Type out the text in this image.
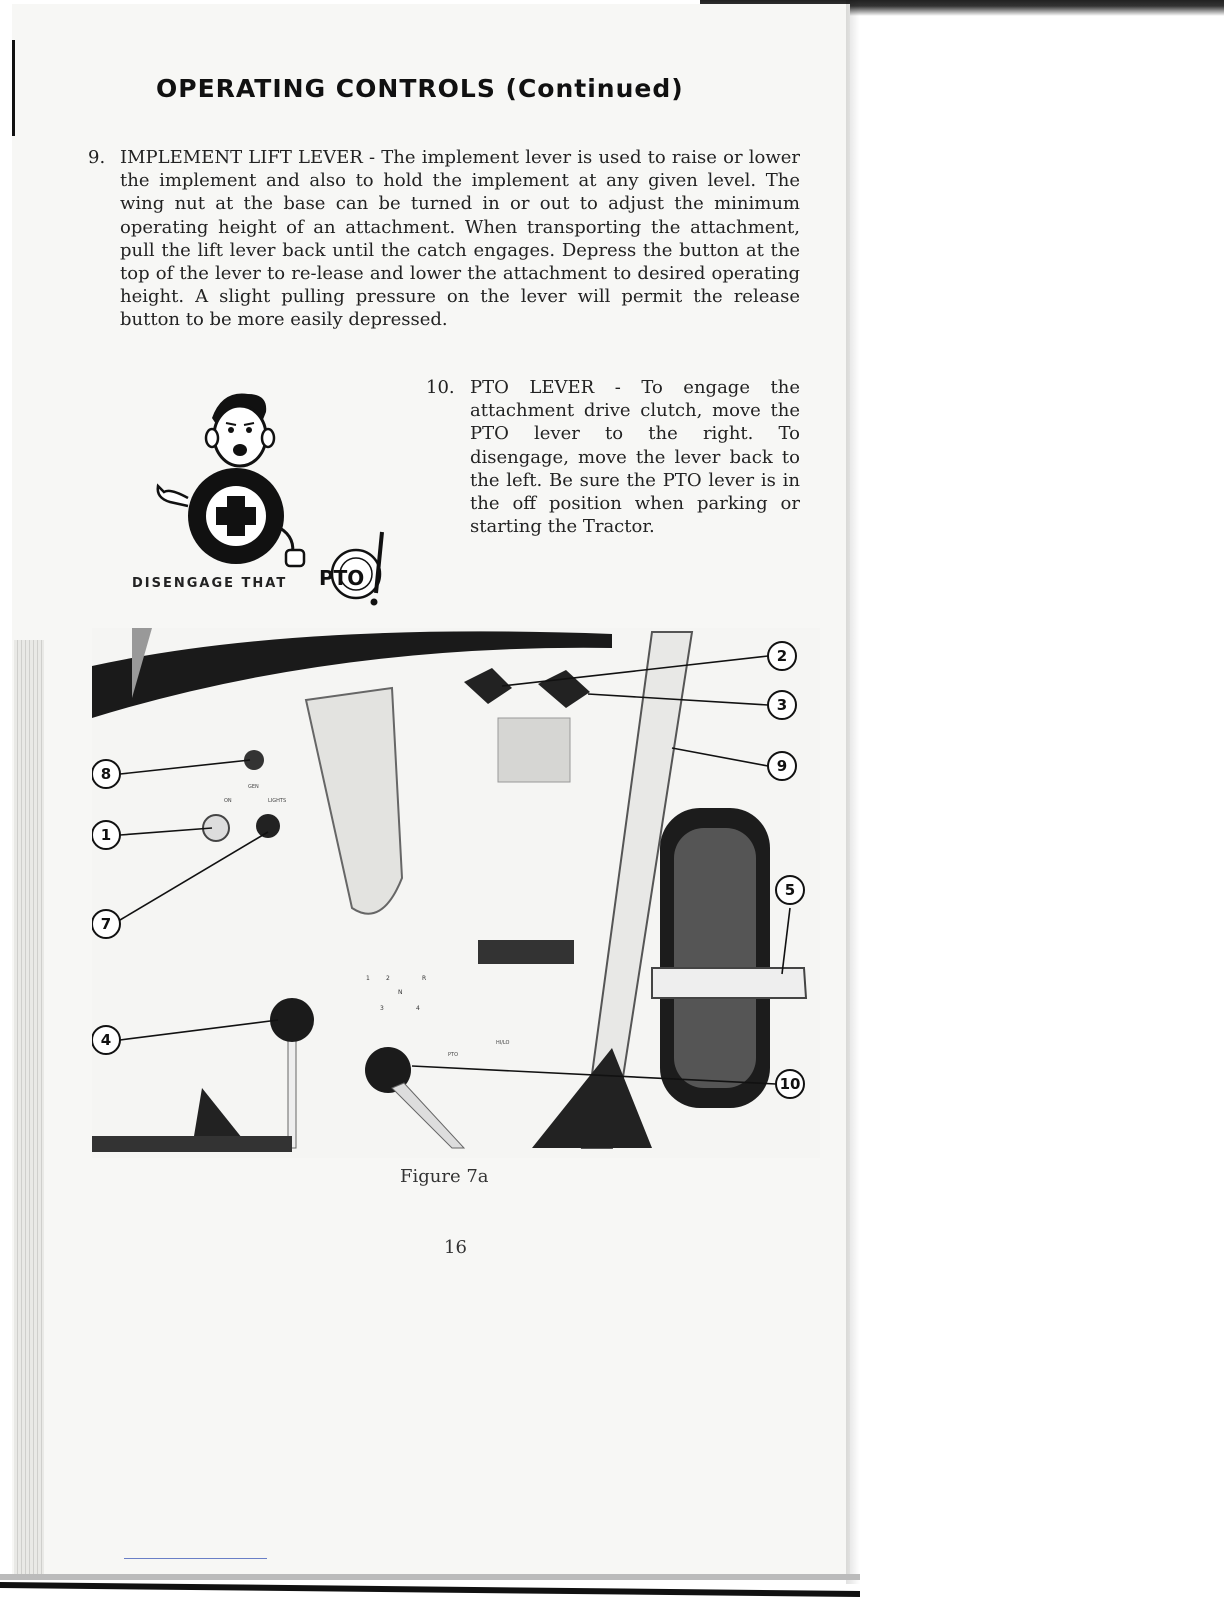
OPERATING CONTROLS (Continued)
9. IMPLEMENT LIFT LEVER - The implement lever is used to raise or lower the implement and also to hold the implement at any given level. The wing nut at the base can be turned in or out to adjust the minimum operating height of an attachment. When transporting the attachment, pull the lift lever back until the catch engages. Depress the button at the top of the lever to re-lease and lower the attachment to desired operating height. A slight pulling pressure on the lever will permit the release button to be more easily depressed.
DISENGAGE THAT PTO
10. PTO LEVER - To engage the attachment drive clutch, move the PTO lever to the right. To disengage, move the lever back to the left. Be sure the PTO lever is in the off position when parking or starting the Tractor.
2
3
9
8
1
7
5
4
10
GEN
ON	LIGHTS
PTO
HI/LO
1	2	R
N
3	4
Figure 7a
16
